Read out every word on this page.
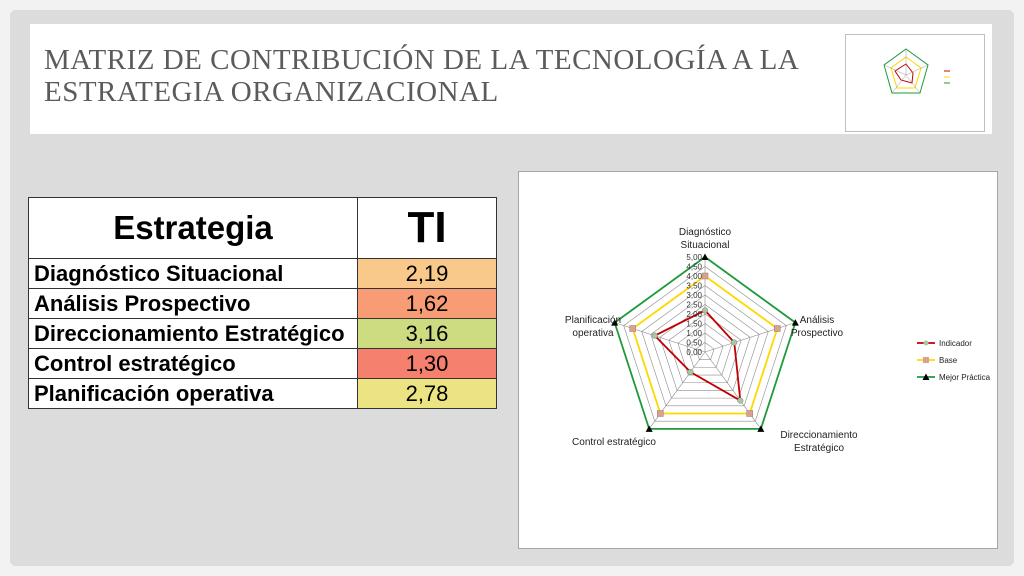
MATRIZ DE CONTRIBUCIÓN DE LA TECNOLOGÍA A LA ESTRATEGIA ORGANIZACIONAL
Estrategia	TI
Diagnóstico Situacional	2,19
Análisis Prospectivo	1,62
Direccionamiento Estratégico	3,16
Control estratégico	1,30
Planificación operativa	2,78
0,00
0,50
1,00
1,50
2,00
2,50
3,00
3,50
4,00
4,50
5,00
Diagnóstico Situacional
Análisis Prospectivo
Direccionamiento Estratégico
Control estratégico
Planificación operativa
Indicador
Base
Mejor Práctica
